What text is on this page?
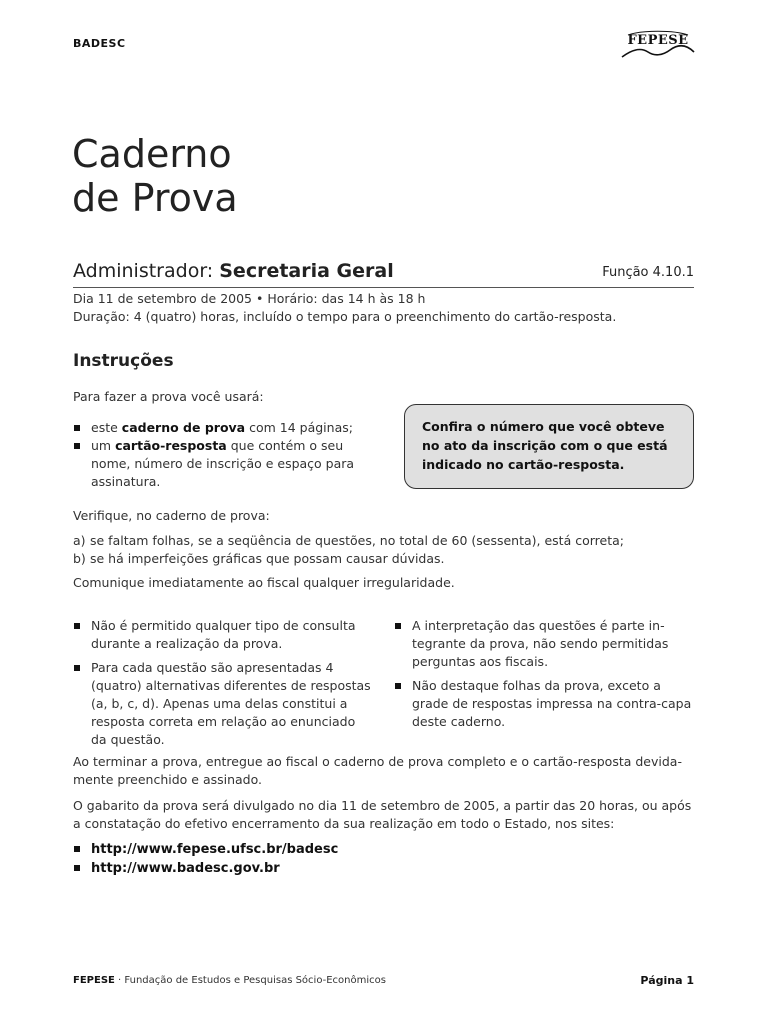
BADESC	FEPESE
Caderno
de Prova
Administrador: Secretaria Geral	Função 4.10.1
Dia 11 de setembro de 2005 • Horário: das 14 h às 18 h
Duração: 4 (quatro) horas, incluído o tempo para o preenchimento do cartão-resposta.
Instruções
Para fazer a prova você usará:
este caderno de prova com 14 páginas;
um cartão-resposta que contém o seu nome, número de inscrição e espaço para assinatura.
Confira o número que você obteve no ato da inscrição com o que está indicado no cartão-resposta.
Verifique, no caderno de prova:
a) se faltam folhas, se a seqüência de questões, no total de 60 (sessenta), está correta;
b) se há imperfeições gráficas que possam causar dúvidas.
Comunique imediatamente ao fiscal qualquer irregularidade.
Não é permitido qualquer tipo de consulta durante a realização da prova.
Para cada questão são apresentadas 4 (quatro) alternativas diferentes de respostas (a, b, c, d). Apenas uma delas constitui a resposta correta em relação ao enunciado da questão.
A interpretação das questões é parte in-tegrante da prova, não sendo permitidas perguntas aos fiscais.
Não destaque folhas da prova, exceto a grade de respostas impressa na contra-capa deste caderno.
Ao terminar a prova, entregue ao fiscal o caderno de prova completo e o cartão-resposta devida-mente preenchido e assinado.
O gabarito da prova será divulgado no dia 11 de setembro de 2005, a partir das 20 horas, ou após a constatação do efetivo encerramento da sua realização em todo o Estado, nos sites:
http://www.fepese.ufsc.br/badesc
http://www.badesc.gov.br
FEPESE · Fundação de Estudos e Pesquisas Sócio-Econômicos	Página 1
